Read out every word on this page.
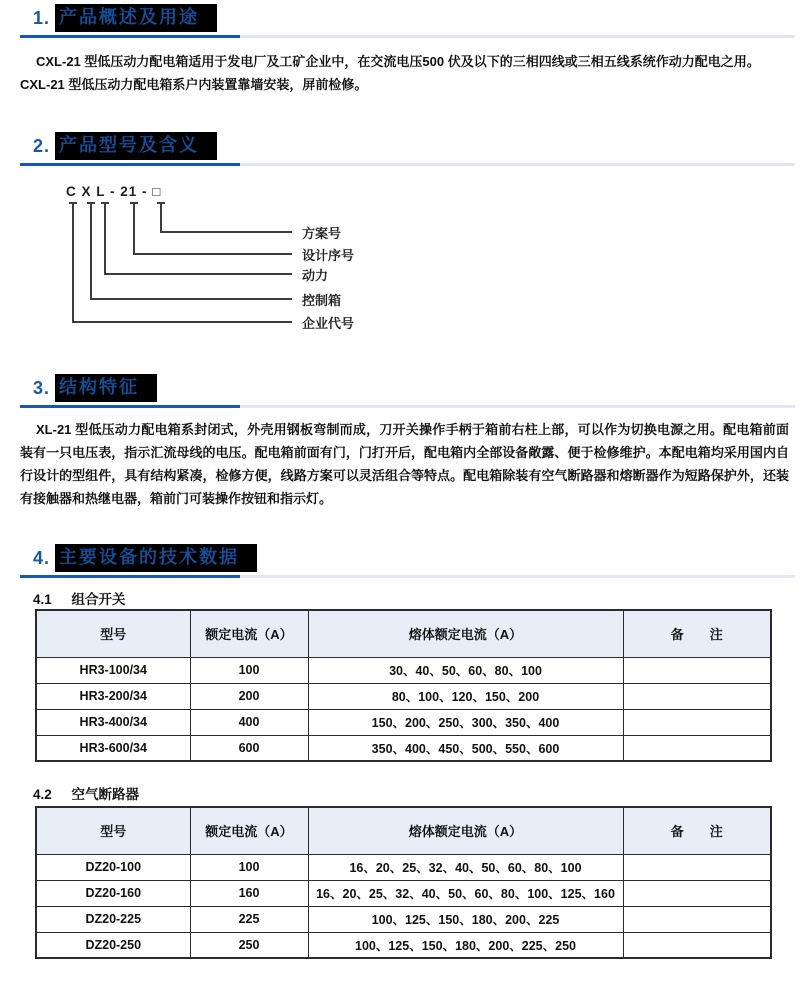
1. 产品概述及用途

CXL-21 型低压动力配电箱适用于发电厂及工矿企业中，在交流电压500 伏及以下的三相四线或三相五线系统作动力配电之用。

CXL-21 型低压动力配电箱系户内装置靠墙安装，屏前检修。

2. 产品型号及含义
C X L - 21 - □
方案号
设计序号
动力
控制箱
企业代号
3. 结构特征

XL-21 型低压动力配电箱系封闭式，外壳用钢板弯制而成，刀开关操作手柄于箱前右柱上部，可以作为切换电源之用。配电箱前面装有一只电压表，指示汇流母线的电压。配电箱前面有门，门打开后，配电箱内全部设备敞露、便于检修维护。本配电箱均采用国内自行设计的型组件，具有结构紧凑，检修方便，线路方案可以灵活组合等特点。配电箱除装有空气断路器和熔断器作为短路保护外，还装有接触器和热继电器，箱前门可装操作按钮和指示灯。

4. 主要设备的技术数据
4.1 组合开关
型号	额定电流（A）	熔体额定电流（A）	备　　注
HR3-100/34	100	30、40、50、60、80、100	
HR3-200/34	200	80、100、120、150、200	
HR3-400/34	400	150、200、250、300、350、400	
HR3-600/34	600	350、400、450、500、550、600	
4.2 空气断路器
型号	额定电流（A）	熔体额定电流（A）	备　　注
DZ20-100	100	16、20、25、32、40、50、60、80、100	
DZ20-160	160	16、20、25、32、40、50、60、80、100、125、160	
DZ20-225	225	100、125、150、180、200、225	
DZ20-250	250	100、125、150、180、200、225、250	
